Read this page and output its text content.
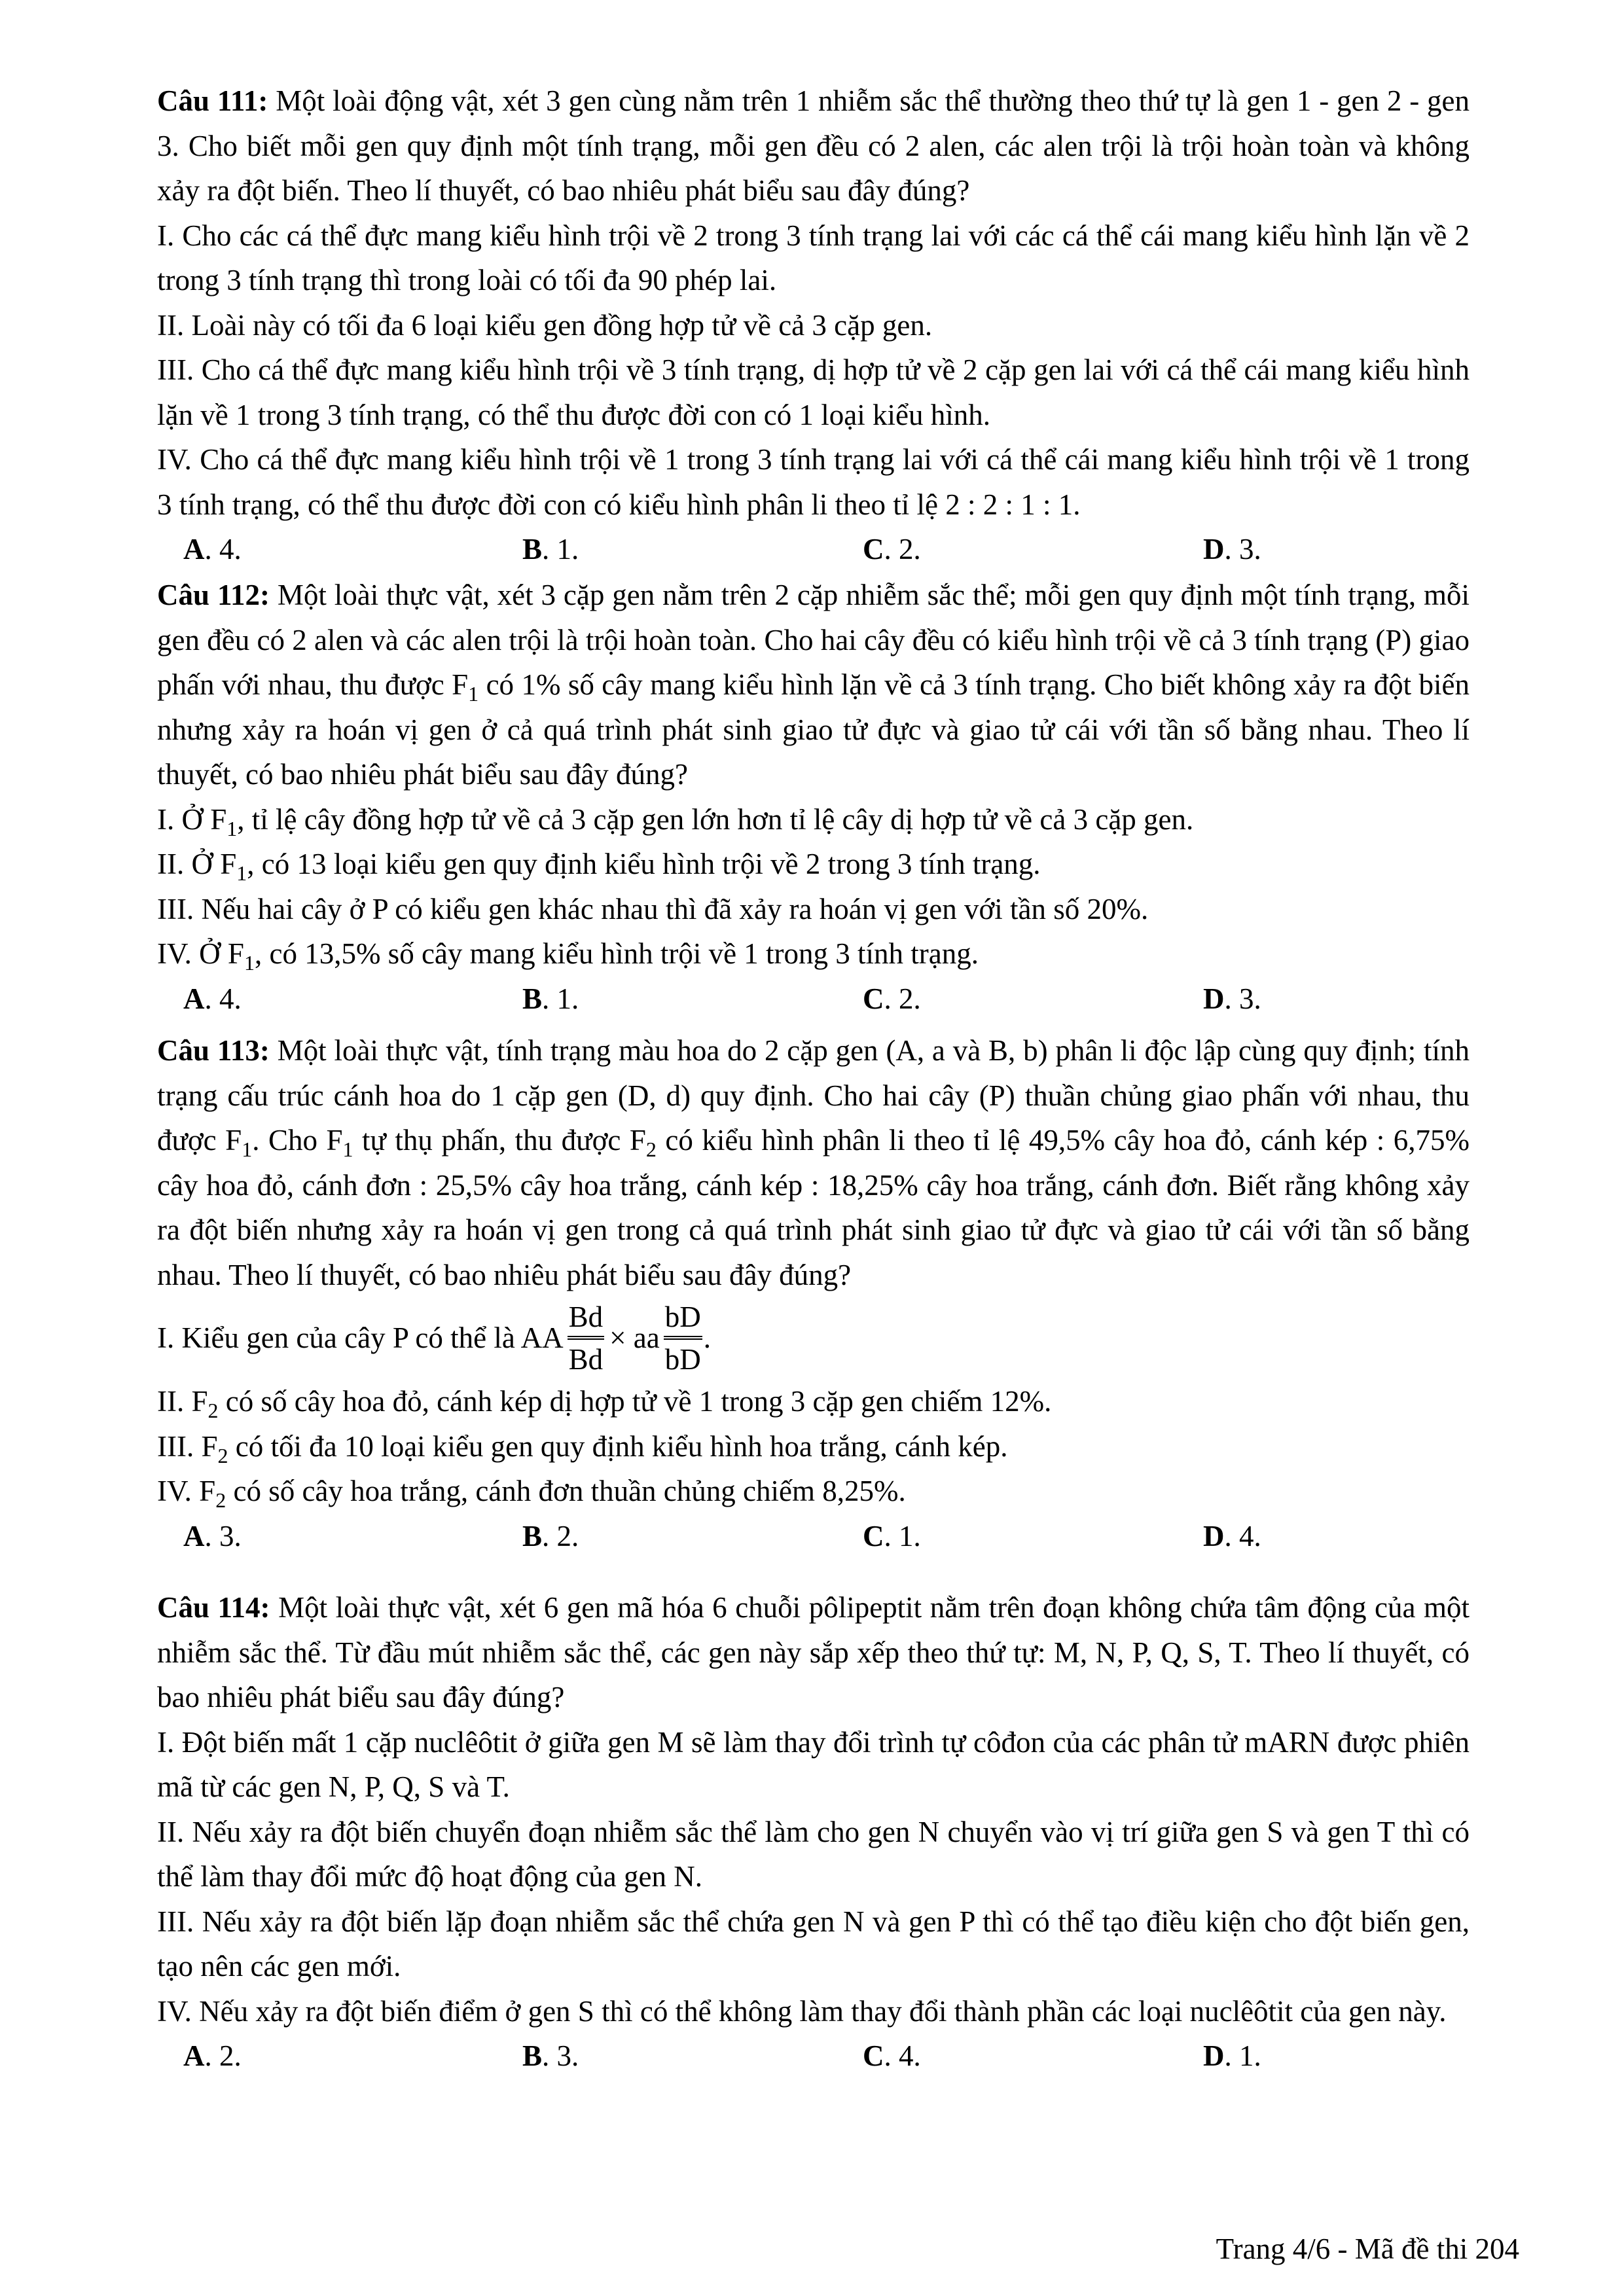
Câu 111: Một loài động vật, xét 3 gen cùng nằm trên 1 nhiễm sắc thể thường theo thứ tự là gen 1 - gen 2 - gen 3. Cho biết mỗi gen quy định một tính trạng, mỗi gen đều có 2 alen, các alen trội là trội hoàn toàn và không xảy ra đột biến. Theo lí thuyết, có bao nhiêu phát biểu sau đây đúng?

I. Cho các cá thể đực mang kiểu hình trội về 2 trong 3 tính trạng lai với các cá thể cái mang kiểu hình lặn về 2 trong 3 tính trạng thì trong loài có tối đa 90 phép lai.

II. Loài này có tối đa 6 loại kiểu gen đồng hợp tử về cả 3 cặp gen.

III. Cho cá thể đực mang kiểu hình trội về 3 tính trạng, dị hợp tử về 2 cặp gen lai với cá thể cái mang kiểu hình lặn về 1 trong 3 tính trạng, có thể thu được đời con có 1 loại kiểu hình.

IV. Cho cá thể đực mang kiểu hình trội về 1 trong 3 tính trạng lai với cá thể cái mang kiểu hình trội về 1 trong 3 tính trạng, có thể thu được đời con có kiểu hình phân li theo tỉ lệ 2 : 2 : 1 : 1.

A. 4.	B. 1.	C. 2.	D. 3.

Câu 112: Một loài thực vật, xét 3 cặp gen nằm trên 2 cặp nhiễm sắc thể; mỗi gen quy định một tính trạng, mỗi gen đều có 2 alen và các alen trội là trội hoàn toàn. Cho hai cây đều có kiểu hình trội về cả 3 tính trạng (P) giao phấn với nhau, thu được $F_1$ có 1% số cây mang kiểu hình lặn về cả 3 tính trạng. Cho biết không xảy ra đột biến nhưng xảy ra hoán vị gen ở cả quá trình phát sinh giao tử đực và giao tử cái với tần số bằng nhau. Theo lí thuyết, có bao nhiêu phát biểu sau đây đúng?

I. Ở $F_1$, tỉ lệ cây đồng hợp tử về cả 3 cặp gen lớn hơn tỉ lệ cây dị hợp tử về cả 3 cặp gen.

II. Ở $F_1$, có 13 loại kiểu gen quy định kiểu hình trội về 2 trong 3 tính trạng.

III. Nếu hai cây ở P có kiểu gen khác nhau thì đã xảy ra hoán vị gen với tần số 20%.

IV. Ở $F_1$, có 13,5% số cây mang kiểu hình trội về 1 trong 3 tính trạng.

A. 4.	B. 1.	C. 2.	D. 3.

Câu 113: Một loài thực vật, tính trạng màu hoa do 2 cặp gen (A, a và B, b) phân li độc lập cùng quy định; tính trạng cấu trúc cánh hoa do 1 cặp gen (D, d) quy định. Cho hai cây (P) thuần chủng giao phấn với nhau, thu được $F_1$. Cho $F_1$ tự thụ phấn, thu được $F_2$ có kiểu hình phân li theo tỉ lệ 49,5% cây hoa đỏ, cánh kép : 6,75% cây hoa đỏ, cánh đơn : 25,5% cây hoa trắng, cánh kép : 18,25% cây hoa trắng, cánh đơn. Biết rằng không xảy ra đột biến nhưng xảy ra hoán vị gen trong cả quá trình phát sinh giao tử đực và giao tử cái với tần số bằng nhau. Theo lí thuyết, có bao nhiêu phát biểu sau đây đúng?

I. Kiểu gen của cây P có thể là AA $\frac{Bd}{Bd}$ × aa $\frac{bD}{bD}$ .

II. $F_2$ có số cây hoa đỏ, cánh kép dị hợp tử về 1 trong 3 cặp gen chiếm 12%.

III. $F_2$ có tối đa 10 loại kiểu gen quy định kiểu hình hoa trắng, cánh kép.

IV. $F_2$ có số cây hoa trắng, cánh đơn thuần chủng chiếm 8,25%.

A. 3.	B. 2.	C. 1.	D. 4.

Câu 114: Một loài thực vật, xét 6 gen mã hóa 6 chuỗi pôlipeptit nằm trên đoạn không chứa tâm động của một nhiễm sắc thể. Từ đầu mút nhiễm sắc thể, các gen này sắp xếp theo thứ tự: M, N, P, Q, S, T. Theo lí thuyết, có bao nhiêu phát biểu sau đây đúng?

I. Đột biến mất 1 cặp nuclêôtit ở giữa gen M sẽ làm thay đổi trình tự côđon của các phân tử mARN được phiên mã từ các gen N, P, Q, S và T.

II. Nếu xảy ra đột biến chuyển đoạn nhiễm sắc thể làm cho gen N chuyển vào vị trí giữa gen S và gen T thì có thể làm thay đổi mức độ hoạt động của gen N.

III. Nếu xảy ra đột biến lặp đoạn nhiễm sắc thể chứa gen N và gen P thì có thể tạo điều kiện cho đột biến gen, tạo nên các gen mới.

IV. Nếu xảy ra đột biến điểm ở gen S thì có thể không làm thay đổi thành phần các loại nuclêôtit của gen này.

A. 2.	B. 3.	C. 4.	D. 1.
Trang 4/6 - Mã đề thi 204
